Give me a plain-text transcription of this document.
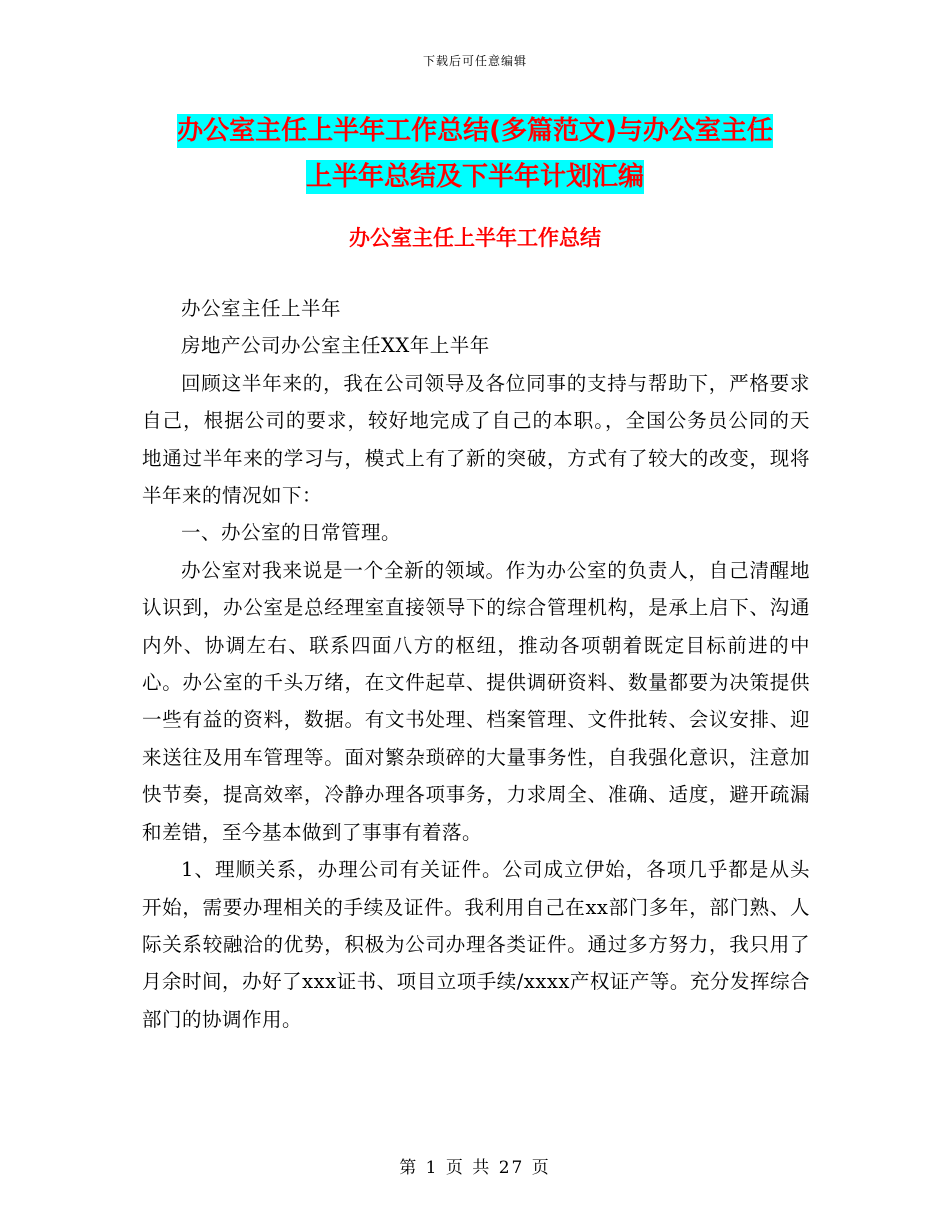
下载后可任意编辑
办公室主任上半年工作总结(多篇范文)与办公室主任
上半年总结及下半年计划汇编
办公室主任上半年工作总结

办公室主任上半年

房地产公司办公室主任XX年上半年

回顾这半年来的，我在公司领导及各位同事的支持与帮助下，严格要求自己，根据公司的要求，较好地完成了自己的本职。，全国公务员公同的天地通过半年来的学习与，模式上有了新的突破，方式有了较大的改变，现将半年来的情况如下：

一、办公室的日常管理。

办公室对我来说是一个全新的领域。作为办公室的负责人，自己清醒地认识到，办公室是总经理室直接领导下的综合管理机构，是承上启下、沟通内外、协调左右、联系四面八方的枢纽，推动各项朝着既定目标前进的中心。办公室的千头万绪，在文件起草、提供调研资料、数量都要为决策提供一些有益的资料，数据。有文书处理、档案管理、文件批转、会议安排、迎来送往及用车管理等。面对繁杂琐碎的大量事务性，自我强化意识，注意加快节奏，提高效率，冷静办理各项事务，力求周全、准确、适度，避开疏漏和差错，至今基本做到了事事有着落。

1、理顺关系，办理公司有关证件。公司成立伊始，各项几乎都是从头开始，需要办理相关的手续及证件。我利用自己在xx部门多年，部门熟、人际关系较融洽的优势，积极为公司办理各类证件。通过多方努力，我只用了月余时间，办好了xxx证书、项目立项手续/xxxx产权证产等。充分发挥综合部门的协调作用。

第 1 页 共 27 页
